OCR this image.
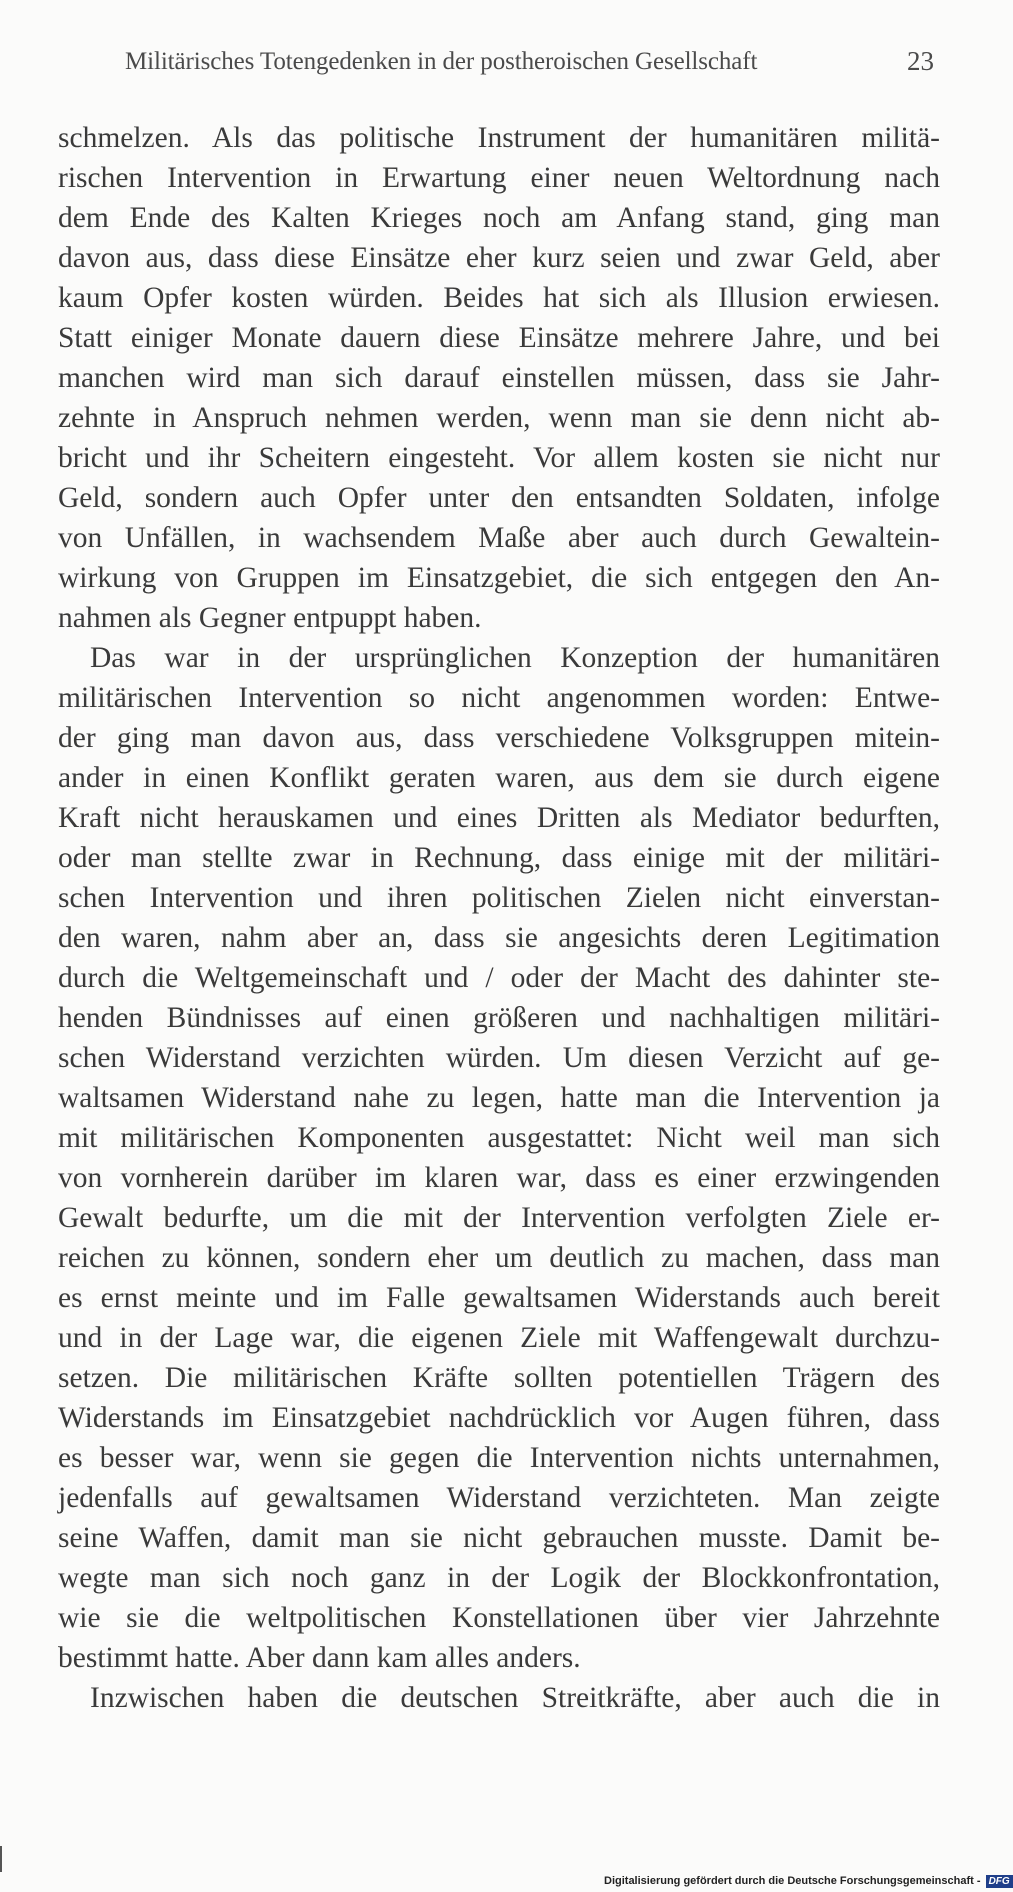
Militärisches Totengedenken in der postheroischen Gesellschaft	23
schmelzen. Als das politische Instrument der humanitären militä-
rischen Intervention in Erwartung einer neuen Weltordnung nach
dem Ende des Kalten Krieges noch am Anfang stand, ging man
davon aus, dass diese Einsätze eher kurz seien und zwar Geld, aber
kaum Opfer kosten würden. Beides hat sich als Illusion erwiesen.
Statt einiger Monate dauern diese Einsätze mehrere Jahre, und bei
manchen wird man sich darauf einstellen müssen, dass sie Jahr-
zehnte in Anspruch nehmen werden, wenn man sie denn nicht ab-
bricht und ihr Scheitern eingesteht. Vor allem kosten sie nicht nur
Geld, sondern auch Opfer unter den entsandten Soldaten, infolge
von Unfällen, in wachsendem Maße aber auch durch Gewaltein-
wirkung von Gruppen im Einsatzgebiet, die sich entgegen den An-
nahmen als Gegner entpuppt haben.
Das war in der ursprünglichen Konzeption der humanitären
militärischen Intervention so nicht angenommen worden: Entwe-
der ging man davon aus, dass verschiedene Volksgruppen mitein-
ander in einen Konflikt geraten waren, aus dem sie durch eigene
Kraft nicht herauskamen und eines Dritten als Mediator bedurften,
oder man stellte zwar in Rechnung, dass einige mit der militäri-
schen Intervention und ihren politischen Zielen nicht einverstan-
den waren, nahm aber an, dass sie angesichts deren Legitimation
durch die Weltgemeinschaft und / oder der Macht des dahinter ste-
henden Bündnisses auf einen größeren und nachhaltigen militäri-
schen Widerstand verzichten würden. Um diesen Verzicht auf ge-
waltsamen Widerstand nahe zu legen, hatte man die Intervention ja
mit militärischen Komponenten ausgestattet: Nicht weil man sich
von vornherein darüber im klaren war, dass es einer erzwingenden
Gewalt bedurfte, um die mit der Intervention verfolgten Ziele er-
reichen zu können, sondern eher um deutlich zu machen, dass man
es ernst meinte und im Falle gewaltsamen Widerstands auch bereit
und in der Lage war, die eigenen Ziele mit Waffengewalt durchzu-
setzen. Die militärischen Kräfte sollten potentiellen Trägern des
Widerstands im Einsatzgebiet nachdrücklich vor Augen führen, dass
es besser war, wenn sie gegen die Intervention nichts unternahmen,
jedenfalls auf gewaltsamen Widerstand verzichteten. Man zeigte
seine Waffen, damit man sie nicht gebrauchen musste. Damit be-
wegte man sich noch ganz in der Logik der Blockkonfrontation,
wie sie die weltpolitischen Konstellationen über vier Jahrzehnte
bestimmt hatte. Aber dann kam alles anders.
Inzwischen haben die deutschen Streitkräfte, aber auch die in
Digitalisierung gefördert durch die Deutsche Forschungsgemeinschaft - DFG
